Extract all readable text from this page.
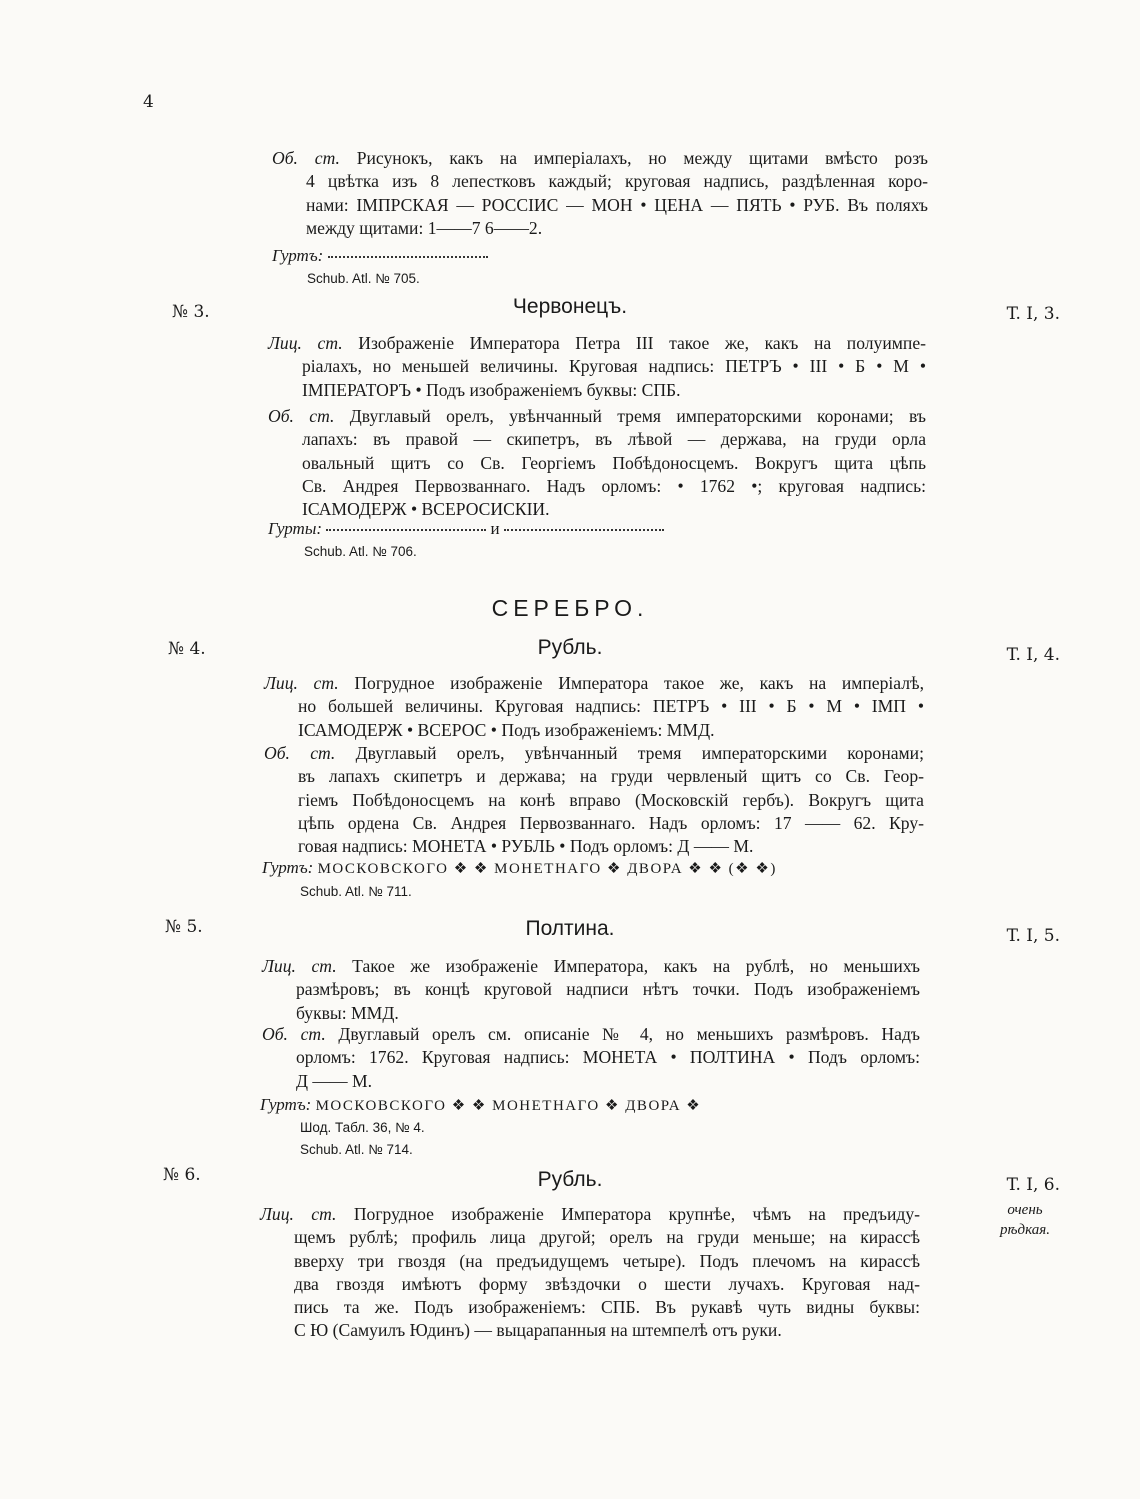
4
Об. ст. Рисунокъ, какъ на имперіалахъ, но между щитами вмѣсто розъ
4 цвѣтка изъ 8 лепестковъ каждый; круговая надпись, раздѣленная коро-
нами: ІМПРСКАЯ — РОССІИС — МОН • ЦЕНА — ПЯТЬ • РУБ. Въ поляхъ
между щитами: 1——7 6——2.
Гуртъ:
Schub. Atl. № 705.
№ 3.	Червонецъ.	T. I, 3.
Лиц. ст. Изображеніе Императора Петра III такое же, какъ на полуимпе-
ріалахъ, но меньшей величины. Круговая надпись: ПЕТРЪ • III • Б • М •
ІМПЕРАТОРЪ • Подъ изображеніемъ буквы: СПБ.
Об. ст. Двуглавый орелъ, увѣнчанный тремя императорскими коронами; въ
лапахъ: въ правой — скипетръ, въ лѣвой — держава, на груди орла
овальный щитъ со Св. Георгіемъ Побѣдоносцемъ. Вокругъ щита цѣпь
Св. Андрея Первозваннаго. Надъ орломъ: • 1762 •; круговая надпись:
ІСАМОДЕРЖ • ВСЕРОСИСКІИ.
Гурты:	и
Schub. Atl. № 706.
СЕРЕБРО.
№ 4.	Рубль.	T. I, 4.
Лиц. ст. Погрудное изображеніе Императора такое же, какъ на имперіалѣ,
но большей величины. Круговая надпись: ПЕТРЪ • III • Б • М • ІМП •
ІСАМОДЕРЖ • ВСЕРОС • Подъ изображеніемъ: ММД.
Об. ст. Двуглавый орелъ, увѣнчанный тремя императорскими коронами;
въ лапахъ скипетръ и держава; на груди червленый щитъ со Св. Геор-
гіемъ Побѣдоносцемъ на конѣ вправо (Московскій гербъ). Вокругъ щита
цѣпь ордена Св. Андрея Первозваннаго. Надъ орломъ: 17 —— 62. Кру-
говая надпись: МОНЕТА • РУБЛЬ • Подъ орломъ: Д —— М.
Гуртъ: МОСКОВСКОГО ❖ ❖ МОНЕТНАГО ❖ ДВОРА ❖ ❖ (❖ ❖)
Schub. Atl. № 711.
№ 5.	Полтина.	T. I, 5.
Лиц. ст. Такое же изображеніе Императора, какъ на рублѣ, но меньшихъ
размѣровъ; въ концѣ круговой надписи нѣтъ точки. Подъ изображеніемъ
буквы: ММД.
Об. ст. Двуглавый орелъ см. описаніе № 4, но меньшихъ размѣровъ. Надъ
орломъ: 1762. Круговая надпись: МОНЕТА • ПОЛТИНА • Подъ орломъ:
Д —— М.
Гуртъ: МОСКОВСКОГО ❖ ❖ МОНЕТНАГО ❖ ДВОРА ❖
Шод. Табл. 36, № 4.
Schub. Atl. № 714.
№ 6.	Рубль.	T. I, 6.
очень
рѣдкая.
Лиц. ст. Погрудное изображеніе Императора крупнѣе, чѣмъ на предъиду-
щемъ рублѣ; профиль лица другой; орелъ на груди меньше; на кирассѣ
вверху три гвоздя (на предъидущемъ четыре). Подъ плечомъ на кирассѣ
два гвоздя имѣютъ форму звѣздочки о шести лучахъ. Круговая над-
пись та же. Подъ изображеніемъ: СПБ. Въ рукавѣ чуть видны буквы:
С Ю (Самуилъ Юдинъ) — выцарапанныя на штемпелѣ отъ руки.
